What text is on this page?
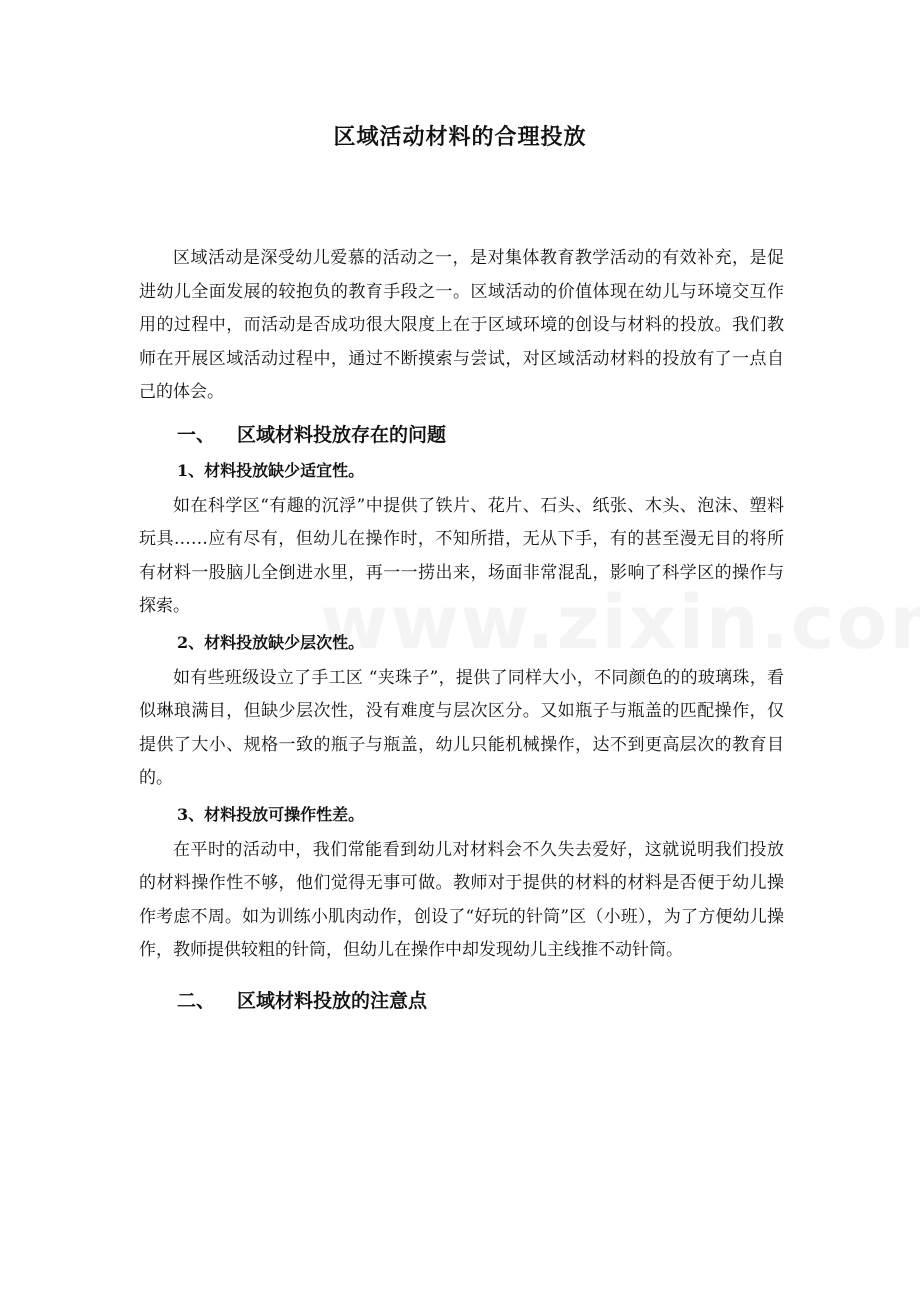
区域活动材料的合理投放

区域活动是深受幼儿爱慕的活动之一，是对集体教育教学活动的有效补充，是促进幼儿全面发展的较抱负的教育手段之一。区域活动的价值体现在幼儿与环境交互作用的过程中，而活动是否成功很大限度上在于区域环境的创设与材料的投放。我们教师在开展区域活动过程中，通过不断摸索与尝试，对区域活动材料的投放有了一点自己的体会。

一、 区域材料投放存在的问题
1、材料投放缺少适宜性。

如在科学区“有趣的沉浮”中提供了铁片、花片、石头、纸张、木头、泡沫、塑料玩具……应有尽有，但幼儿在操作时，不知所措，无从下手，有的甚至漫无目的将所有材料一股脑儿全倒进水里，再一一捞出来，场面非常混乱，影响了科学区的操作与探索。

2、材料投放缺少层次性。

如有些班级设立了手工区 “夹珠子”，提供了同样大小，不同颜色的的玻璃珠，看似琳琅满目，但缺少层次性，没有难度与层次区分。又如瓶子与瓶盖的匹配操作，仅提供了大小、规格一致的瓶子与瓶盖，幼儿只能机械操作，达不到更高层次的教育目的。

3、材料投放可操作性差。

在平时的活动中，我们常能看到幼儿对材料会不久失去爱好，这就说明我们投放的材料操作性不够，他们觉得无事可做。教师对于提供的材料的材料是否便于幼儿操作考虑不周。如为训练小肌肉动作，创设了“好玩的针筒”区（小班），为了方便幼儿操作，教师提供较粗的针筒，但幼儿在操作中却发现幼儿主线推不动针筒。

二、 区域材料投放的注意点
